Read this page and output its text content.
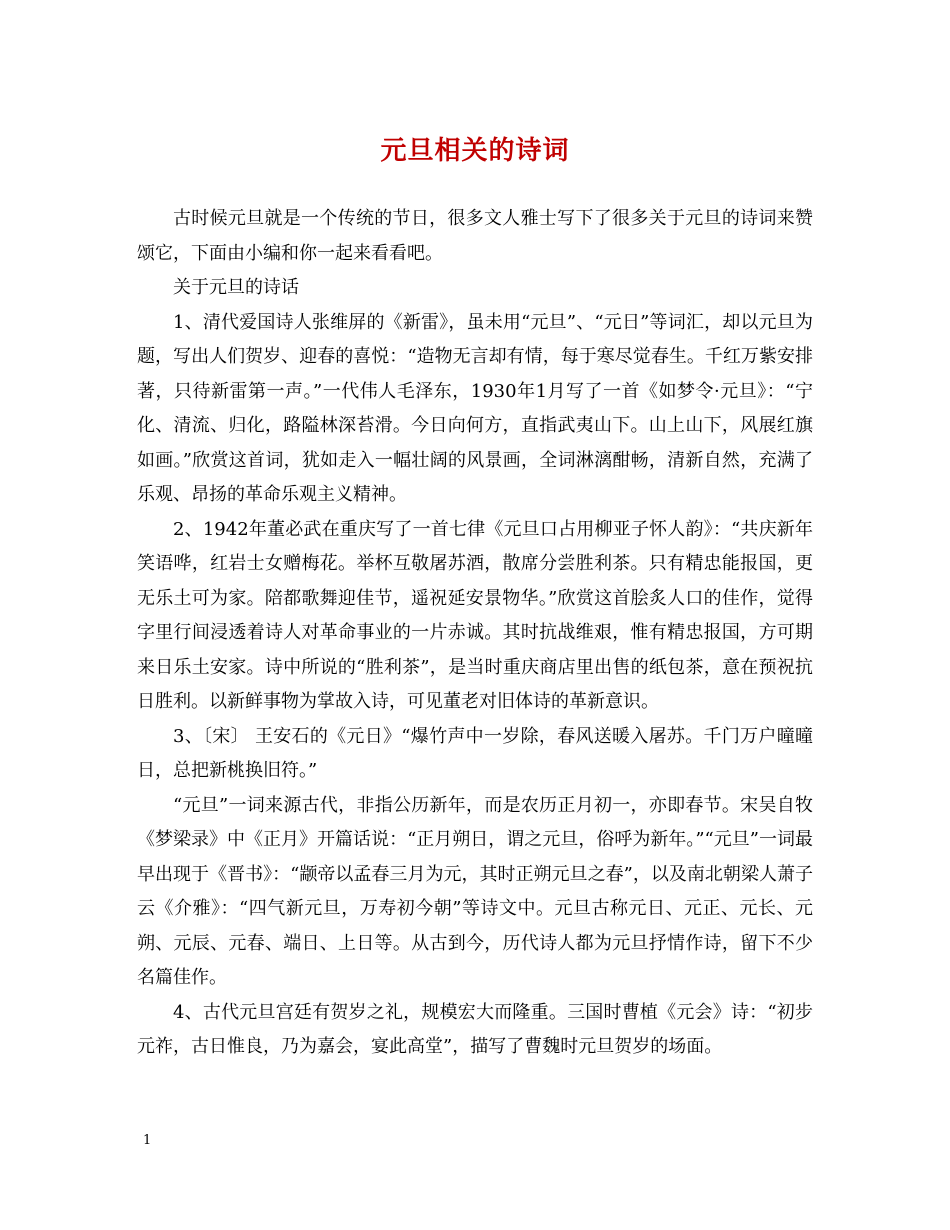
元旦相关的诗词

古时候元旦就是一个传统的节日，很多文人雅士写下了很多关于元旦的诗词来赞颂它，下面由小编和你一起来看看吧。

关于元旦的诗话

1、清代爱国诗人张维屏的《新雷》，虽未用“元旦”、“元日”等词汇，却以元旦为题，写出人们贺岁、迎春的喜悦：“造物无言却有情，每于寒尽觉春生。千红万紫安排著，只待新雷第一声。”一代伟人毛泽东，1930年1月写了一首《如梦令·元旦》：“宁化、清流、归化，路隘林深苔滑。今日向何方，直指武夷山下。山上山下，风展红旗如画。”欣赏这首词，犹如走入一幅壮阔的风景画，全词淋漓酣畅，清新自然，充满了乐观、昂扬的革命乐观主义精神。

2、1942年董必武在重庆写了一首七律《元旦口占用柳亚子怀人韵》：“共庆新年笑语哗，红岩士女赠梅花。举杯互敬屠苏酒，散席分尝胜利茶。只有精忠能报国，更无乐土可为家。陪都歌舞迎佳节，遥祝延安景物华。”欣赏这首脍炙人口的佳作，觉得字里行间浸透着诗人对革命事业的一片赤诚。其时抗战维艰，惟有精忠报国，方可期来日乐土安家。诗中所说的“胜利茶”，是当时重庆商店里出售的纸包茶，意在预祝抗日胜利。以新鲜事物为掌故入诗，可见董老对旧体诗的革新意识。

3、〔宋〕 王安石的《元日》“爆竹声中一岁除，春风送暖入屠苏。千门万户曈曈日，总把新桃换旧符。”

“元旦”一词来源古代，非指公历新年，而是农历正月初一，亦即春节。宋吴自牧《梦梁录》中《正月》开篇话说：“正月朔日，谓之元旦，俗呼为新年。”“元旦”一词最早出现于《晋书》：“颛帝以孟春三月为元，其时正朔元旦之春”，以及南北朝梁人萧子云《介雅》：“四气新元旦，万寿初今朝”等诗文中。元旦古称元日、元正、元长、元朔、元辰、元春、端日、上日等。从古到今，历代诗人都为元旦抒情作诗，留下不少名篇佳作。

4、古代元旦宫廷有贺岁之礼，规模宏大而隆重。三国时曹植《元会》诗：“初步元祚，古日惟良，乃为嘉会，宴此高堂”，描写了曹魏时元旦贺岁的场面。

1
